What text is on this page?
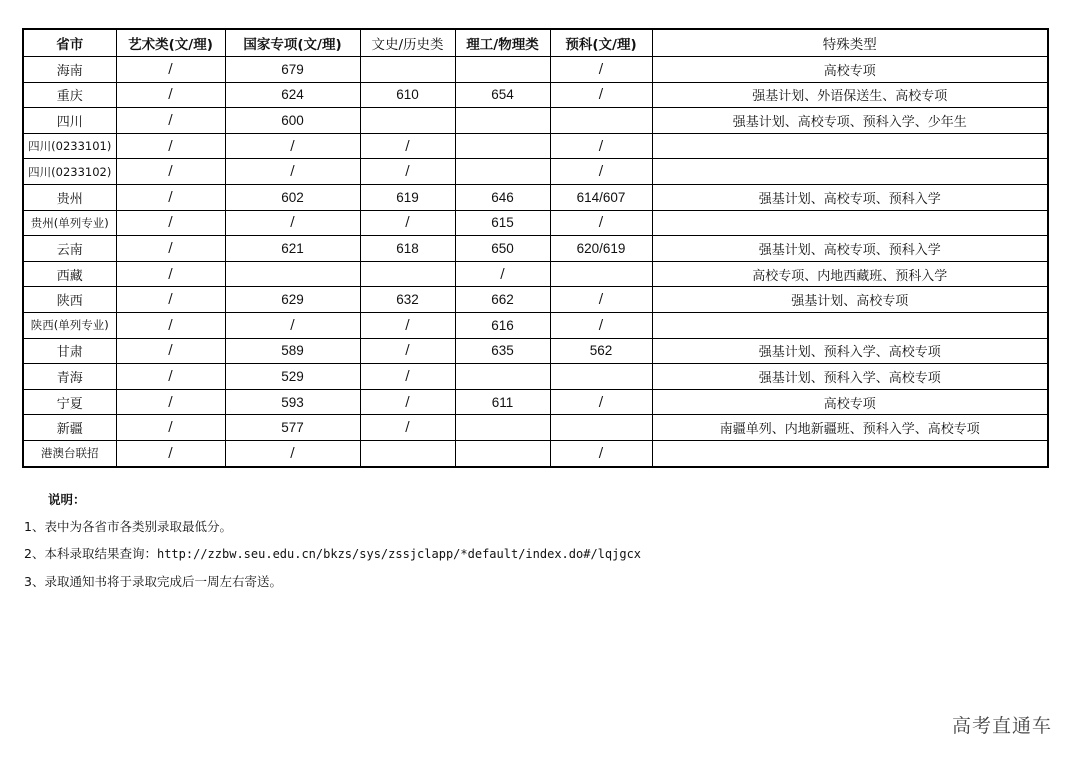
省市	艺术类(文/理)	国家专项(文/理)	文史/历史类	理工/物理类	预科(文/理)	特殊类型
海南	/	679			/	高校专项
重庆	/	624	610	654	/	强基计划、外语保送生、高校专项
四川	/	600				强基计划、高校专项、预科入学、少年生
四川(0233101)	/	/	/		/	
四川(0233102)	/	/	/		/	
贵州	/	602	619	646	614/607	强基计划、高校专项、预科入学
贵州(单列专业)	/	/	/	615	/	
云南	/	621	618	650	620/619	强基计划、高校专项、预科入学
西藏	/			/		高校专项、内地西藏班、预科入学
陕西	/	629	632	662	/	强基计划、高校专项
陕西(单列专业)	/	/	/	616	/	
甘肃	/	589	/	635	562	强基计划、预科入学、高校专项
青海	/	529	/			强基计划、预科入学、高校专项
宁夏	/	593	/	611	/	高校专项
新疆	/	577	/			南疆单列、内地新疆班、预科入学、高校专项
港澳台联招	/	/			/	
说明：
1、表中为各省市各类别录取最低分。
2、本科录取结果查询：http://zzbw.seu.edu.cn/bkzs/sys/zssjclapp/*default/index.do#/lqjgcx
3、录取通知书将于录取完成后一周左右寄送。
高考直通车
